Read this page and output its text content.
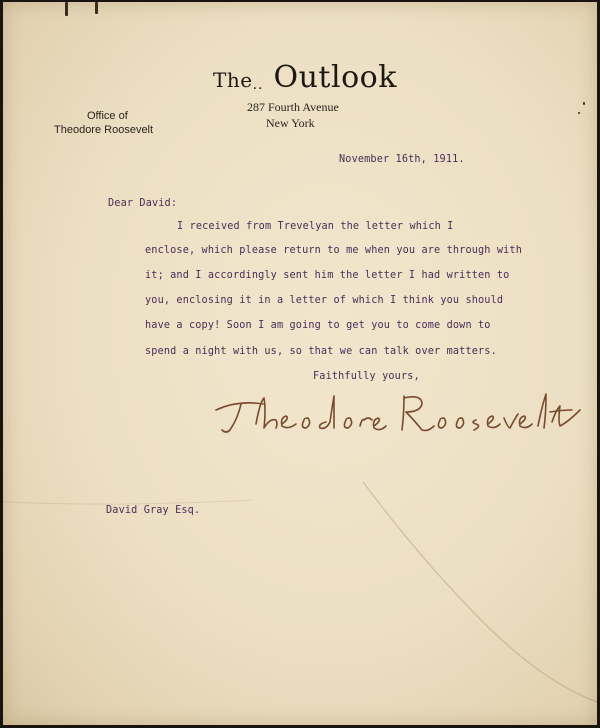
The.. Outlook
287 Fourth Avenue
New York
Office of
Theodore Roosevelt
November 16th, 1911.
Dear David:
I received from Trevelyan the letter which I
enclose, which please return to me when you are through with
it; and I accordingly sent him the letter I had written to
you, enclosing it in a letter of which I think you should
have a copy! Soon I am going to get you to come down to
spend a night with us, so that we can talk over matters.
Faithfully yours,
David Gray Esq.
